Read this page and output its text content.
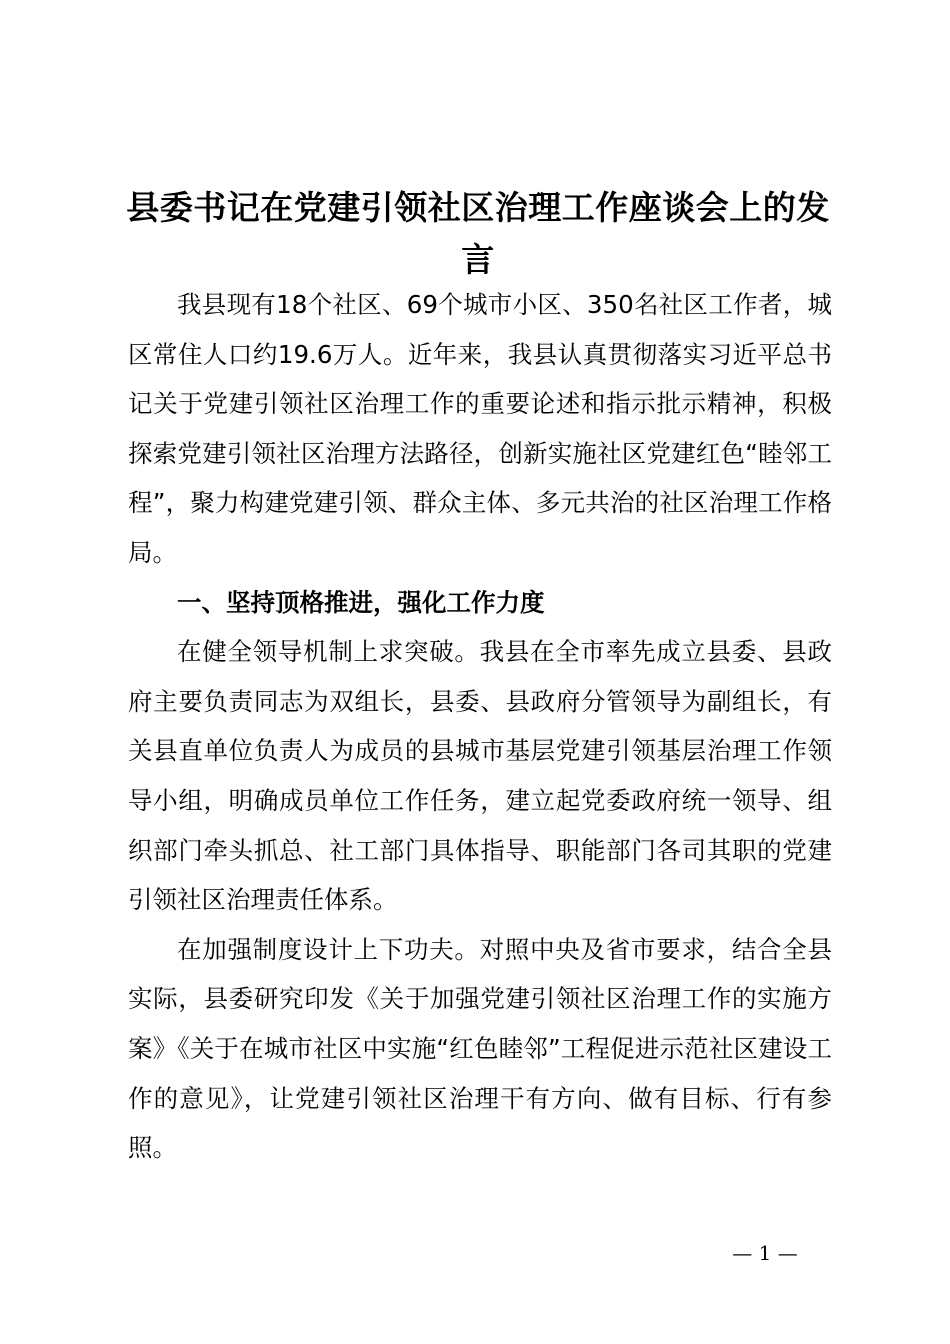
县委书记在党建引领社区治理工作座谈会上的发言

我县现有18个社区、69个城市小区、350名社区工作者，城区常住人口约19.6万人。近年来，我县认真贯彻落实习近平总书记关于党建引领社区治理工作的重要论述和指示批示精神，积极探索党建引领社区治理方法路径，创新实施社区党建红色“睦邻工程”，聚力构建党建引领、群众主体、多元共治的社区治理工作格局。

一、坚持顶格推进，强化工作力度

在健全领导机制上求突破。我县在全市率先成立县委、县政府主要负责同志为双组长，县委、县政府分管领导为副组长，有关县直单位负责人为成员的县城市基层党建引领基层治理工作领导小组，明确成员单位工作任务，建立起党委政府统一领导、组织部门牵头抓总、社工部门具体指导、职能部门各司其职的党建引领社区治理责任体系。

在加强制度设计上下功夫。对照中央及省市要求，结合全县实际，县委研究印发《关于加强党建引领社区治理工作的实施方案》《关于在城市社区中实施“红色睦邻”工程促进示范社区建设工作的意见》，让党建引领社区治理干有方向、做有目标、行有参照。

— 1 —
